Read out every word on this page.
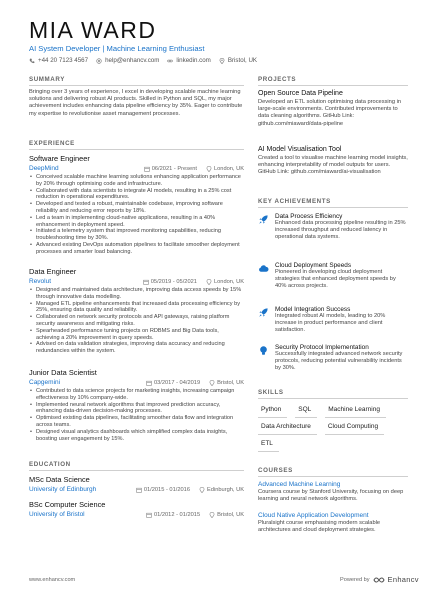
MIA WARD
AI System Developer | Machine Learning Enthusiast
+44 20 7123 4567	help@enhancv.com	linkedin.com	Bristol, UK
SUMMARY
Bringing over 3 years of experience, I excel in developing scalable machine learning solutions and delivering robust AI products. Skilled in Python and SQL, my major achievement includes enhancing data pipeline efficiency by 35%. Eager to contribute my expertise to revolutionise asset management processes.
EXPERIENCE
Software Engineer
DeepMind	06/2021 - Present	London, UK
• Conceived scalable machine learning solutions enhancing application performance by 20% through optimising code and infrastructure.
• Collaborated with data scientists to integrate AI models, resulting in a 25% cost reduction in operational expenditures.
• Developed and tested a robust, maintainable codebase, improving software reliability and reducing error reports by 18%.
• Led a team in implementing cloud-native applications, resulting in a 40% enhancement in deployment speed.
• Initiated a telemetry system that improved monitoring capabilities, reducing troubleshooting time by 30%.
• Advanced existing DevOps automation pipelines to facilitate smoother deployment processes and smarter load balancing.
Data Engineer
Revolut	05/2019 - 05/2021	London, UK
• Designed and maintained data architecture, improving data access speeds by 15% through innovative data modelling.
• Managed ETL pipeline enhancements that increased data processing efficiency by 25%, ensuring data quality and reliability.
• Collaborated on network security protocols and API gateways, raising platform security awareness and mitigating risks.
• Spearheaded performance tuning projects on RDBMS and Big Data tools, achieving a 20% improvement in query speeds.
• Advised on data validation strategies, improving data accuracy and reducing redundancies within the system.
Junior Data Scientist
Capgemini	03/2017 - 04/2019	Bristol, UK
• Contributed to data science projects for marketing insights, increasing campaign effectiveness by 10% company-wide.
• Implemented neural network algorithms that improved prediction accuracy, enhancing data-driven decision-making processes.
• Optimised existing data pipelines, facilitating smoother data flow and integration across teams.
• Designed visual analytics dashboards which simplified complex data insights, boosting user engagement by 15%.
EDUCATION
MSc Data Science
University of Edinburgh	01/2015 - 01/2016	Edinburgh, UK
BSc Computer Science
University of Bristol	01/2012 - 01/2015	Bristol, UK
PROJECTS
Open Source Data Pipeline
Developed an ETL solution optimising data processing in large-scale environments. Contributed improvements to data cleaning algorithms. GitHub Link: github.com/miaward/data-pipeline
AI Model Visualisation Tool
Created a tool to visualise machine learning model insights, enhancing interpretability of model outputs for users. GitHub Link: github.com/miaward/ai-visualisation
KEY ACHIEVEMENTS
Data Process Efficiency
Enhanced data processing pipeline resulting in 25% increased throughput and reduced latency in operational data systems.
Cloud Deployment Speeds
Pioneered in developing cloud deployment strategies that enhanced deployment speeds by 40% across projects.
Model Integration Success
Integrated robust AI models, leading to 20% increase in product performance and client satisfaction.
Security Protocol Implementation
Successfully integrated advanced network security protocols, reducing potential vulnerability incidents by 30%.
SKILLS
Python	SQL	Machine Learning
Data Architecture	Cloud Computing
ETL
COURSES
Advanced Machine Learning
Coursera course by Stanford University, focusing on deep learning and neural network algorithms.
Cloud Native Application Development
Pluralsight course emphasising modern scalable architectures and cloud deployment strategies.
www.enhancv.com	Powered by Enhancv
